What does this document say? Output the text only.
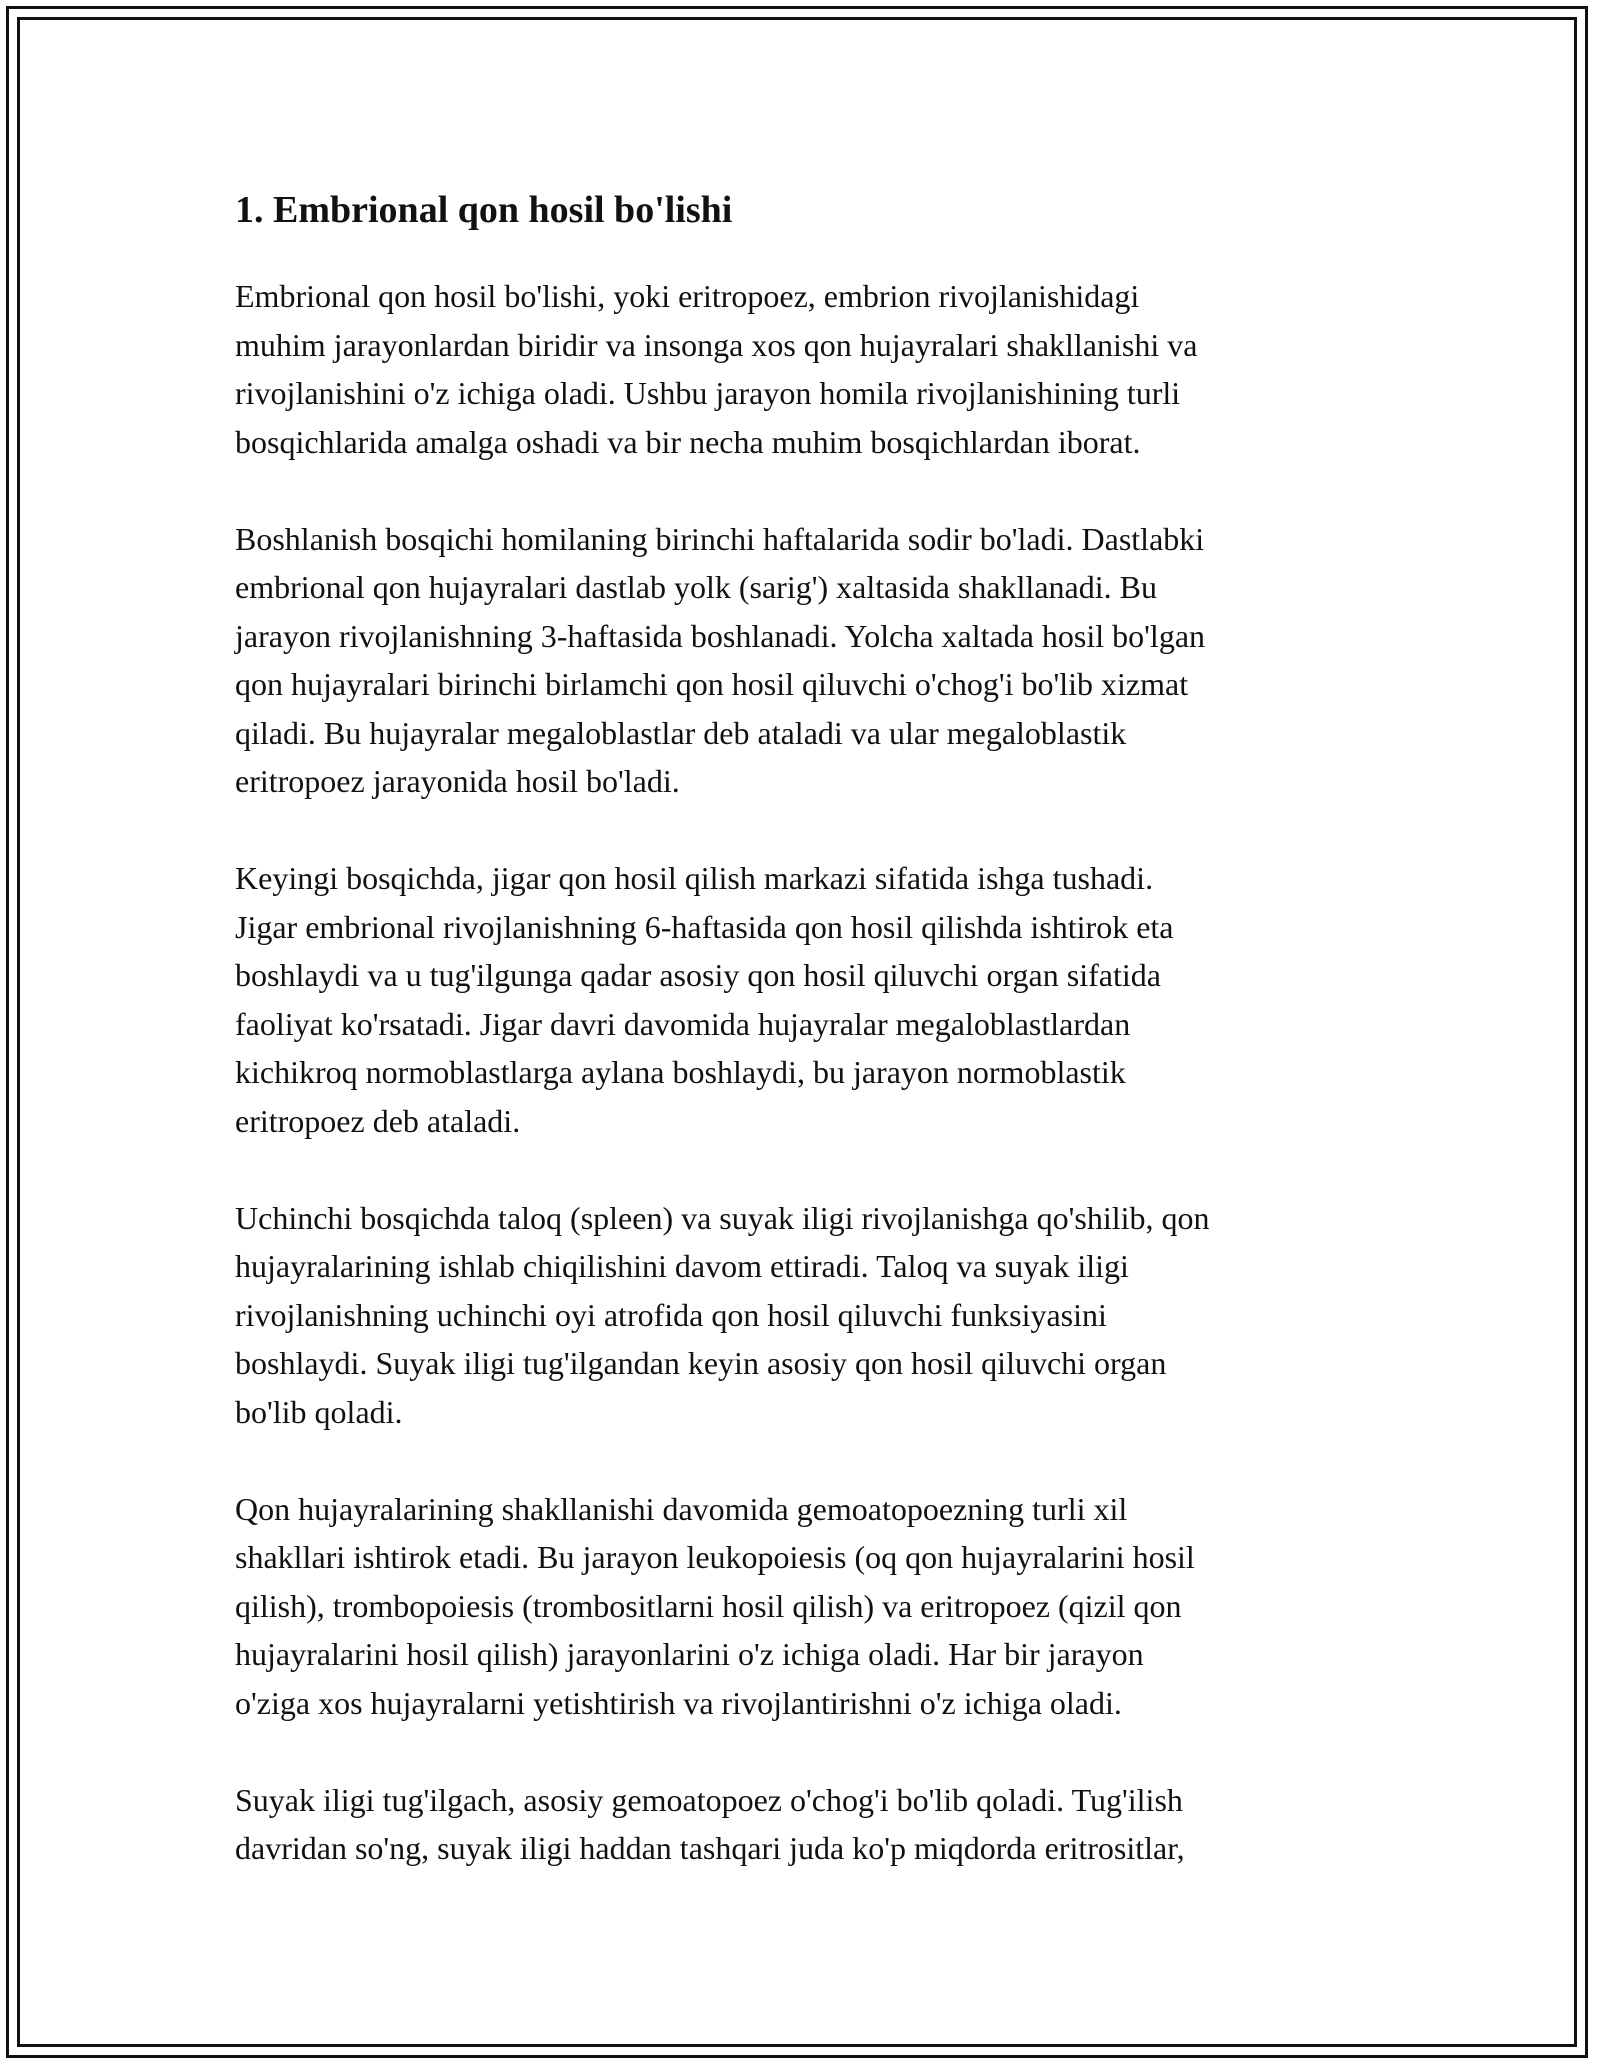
1. Embrional qon hosil bo'lishi

Embrional qon hosil bo'lishi, yoki eritropoez, embrion rivojlanishidagi
muhim jarayonlardan biridir va insonga xos qon hujayralari shakllanishi va
rivojlanishini o'z ichiga oladi. Ushbu jarayon homila rivojlanishining turli
bosqichlarida amalga oshadi va bir necha muhim bosqichlardan iborat.

Boshlanish bosqichi homilaning birinchi haftalarida sodir bo'ladi. Dastlabki
embrional qon hujayralari dastlab yolk (sarig') xaltasida shakllanadi. Bu
jarayon rivojlanishning 3-haftasida boshlanadi. Yolcha xaltada hosil bo'lgan
qon hujayralari birinchi birlamchi qon hosil qiluvchi o'chog'i bo'lib xizmat
qiladi. Bu hujayralar megaloblastlar deb ataladi va ular megaloblastik
eritropoez jarayonida hosil bo'ladi.

Keyingi bosqichda, jigar qon hosil qilish markazi sifatida ishga tushadi.
Jigar embrional rivojlanishning 6-haftasida qon hosil qilishda ishtirok eta
boshlaydi va u tug'ilgunga qadar asosiy qon hosil qiluvchi organ sifatida
faoliyat ko'rsatadi. Jigar davri davomida hujayralar megaloblastlardan
kichikroq normoblastlarga aylana boshlaydi, bu jarayon normoblastik
eritropoez deb ataladi.

Uchinchi bosqichda taloq (spleen) va suyak iligi rivojlanishga qo'shilib, qon
hujayralarining ishlab chiqilishini davom ettiradi. Taloq va suyak iligi
rivojlanishning uchinchi oyi atrofida qon hosil qiluvchi funksiyasini
boshlaydi. Suyak iligi tug'ilgandan keyin asosiy qon hosil qiluvchi organ
bo'lib qoladi.

Qon hujayralarining shakllanishi davomida gemoatopoezning turli xil
shakllari ishtirok etadi. Bu jarayon leukopoiesis (oq qon hujayralarini hosil
qilish), trombopoiesis (trombositlarni hosil qilish) va eritropoez (qizil qon
hujayralarini hosil qilish) jarayonlarini o'z ichiga oladi. Har bir jarayon
o'ziga xos hujayralarni yetishtirish va rivojlantirishni o'z ichiga oladi.

Suyak iligi tug'ilgach, asosiy gemoatopoez o'chog'i bo'lib qoladi. Tug'ilish
davridan so'ng, suyak iligi haddan tashqari juda ko'p miqdorda eritrositlar,
